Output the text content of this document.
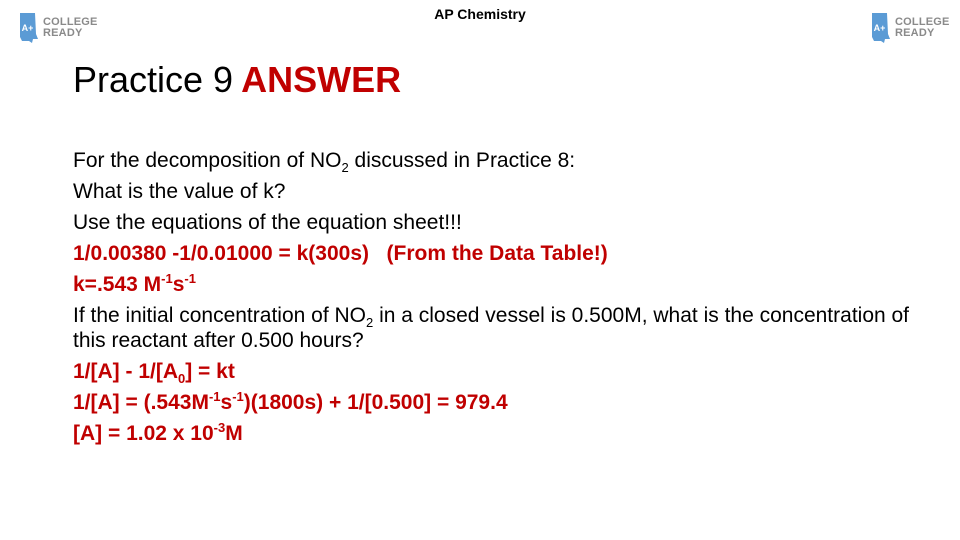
AP Chemistry
A+ COLLEGE
READY	A+ COLLEGE
READY
Practice 9 ANSWER
For the decomposition of $NO_2$ discussed in Practice 8:
What is the value of k?
Use the equations of the equation sheet!!!
1/0.00380 -1/0.01000 = k(300s)   (From the Data Table!)
k=.543 $M^{-1}s^{-1}$
If the initial concentration of $NO_2$ in a closed vessel is 0.500M, what is the concentration of this reactant after 0.500 hours?
$1/[A] - 1/[A_0]$ = kt
$1/[A] = (.543M^{-1}s^{-1})(1800s) + 1/[0.500] = 979.4$
[A] = 1.02 x $10^{-3}M$
